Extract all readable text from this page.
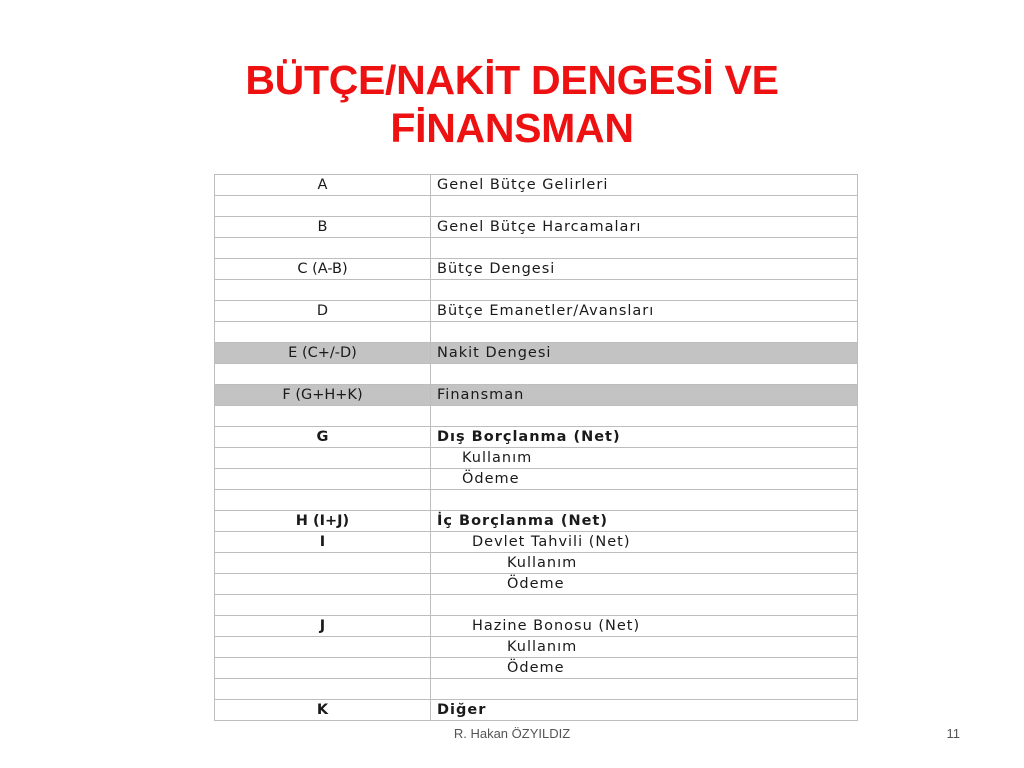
BÜTÇE/NAKİT DENGESİ VE
FİNANSMAN
A	Genel Bütçe Gelirleri

B	Genel Bütçe Harcamaları

C (A-B)	Bütçe Dengesi

D	Bütçe Emanetler/Avansları

E (C+/-D)	Nakit Dengesi

F (G+H+K)	Finansman

G	Dış Borçlanma (Net)
	Kullanım
	Ödeme

H (I+J)	İç Borçlanma (Net)
I	Devlet Tahvili (Net)
	Kullanım
	Ödeme

J	Hazine Bonosu (Net)
	Kullanım
	Ödeme

K	Diğer
R. Hakan ÖZYILDIZ	11
